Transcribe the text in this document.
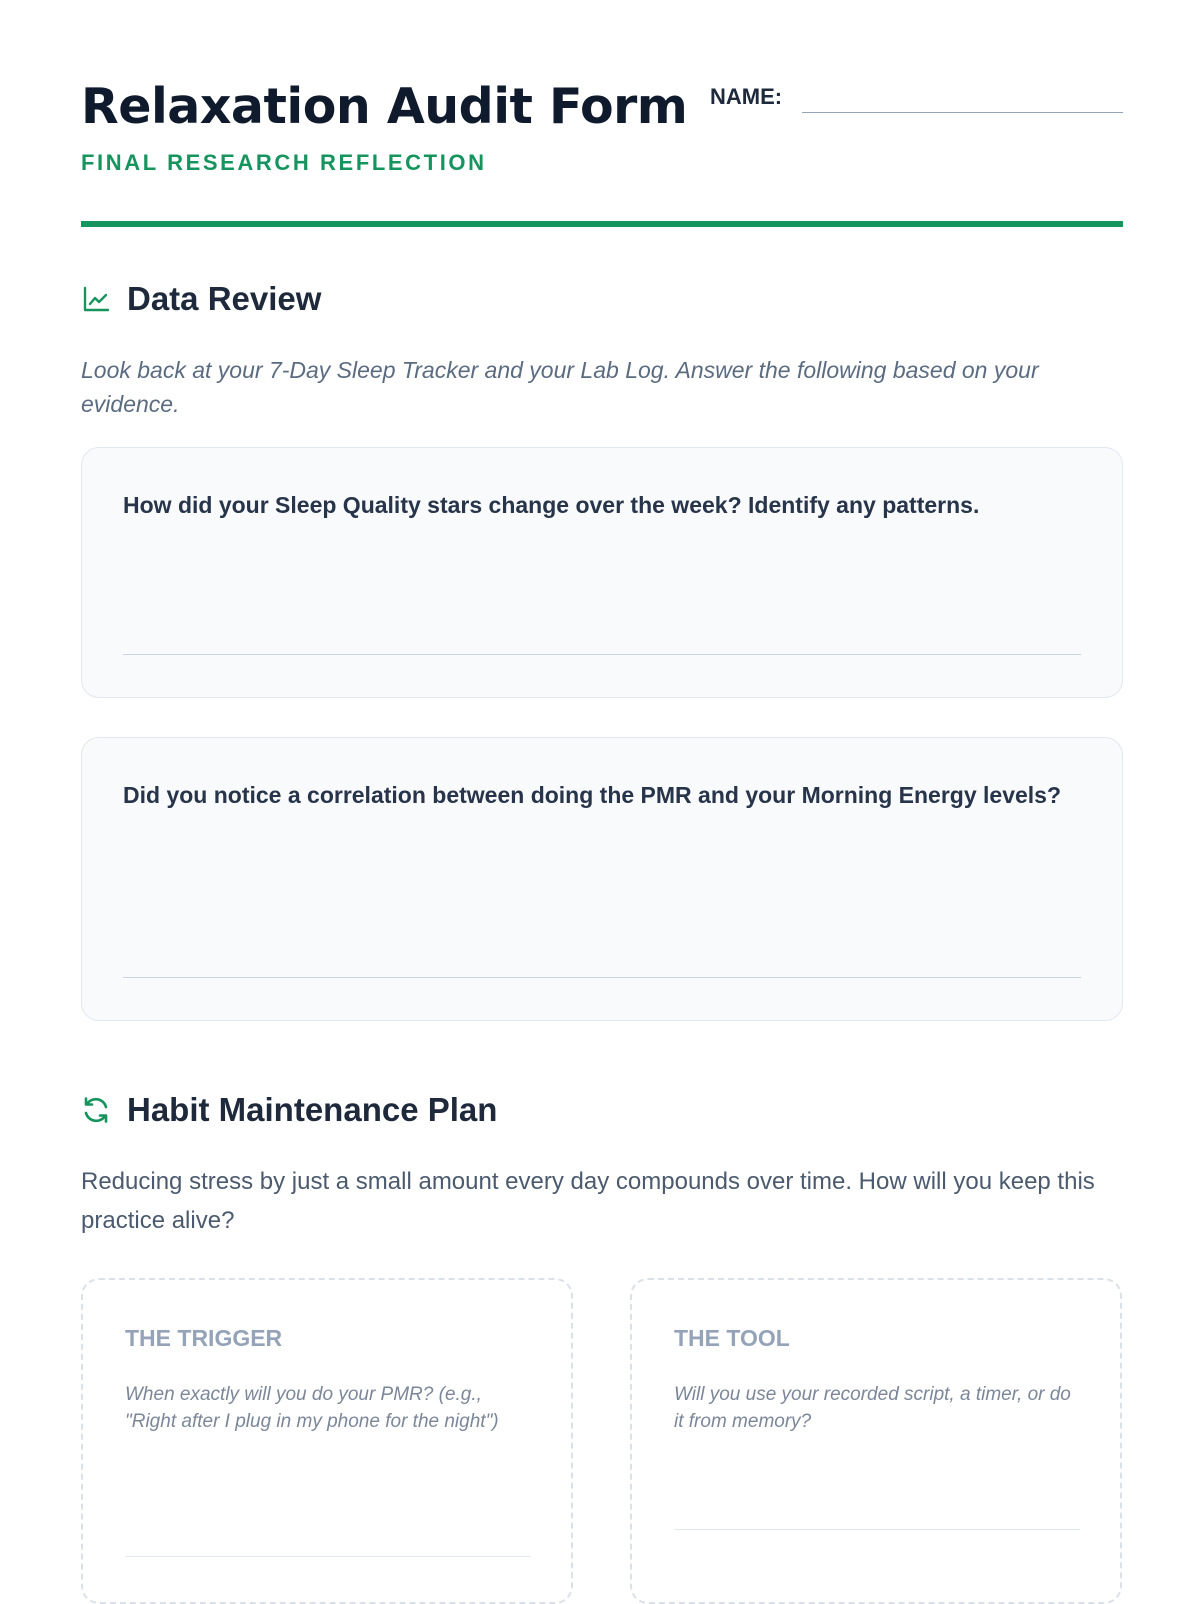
Relaxation Audit Form
FINAL RESEARCH REFLECTION
NAME:
Data Review

Look back at your 7-Day Sleep Tracker and your Lab Log. Answer the following based on your evidence.

How did your Sleep Quality stars change over the week? Identify any patterns.

Did you notice a correlation between doing the PMR and your Morning Energy levels?

Habit Maintenance Plan

Reducing stress by just a small amount every day compounds over time. How will you keep this practice alive?

THE TRIGGER

When exactly will you do your PMR? (e.g., "Right after I plug in my phone for the night")

THE TOOL

Will you use your recorded script, a timer, or do it from memory?
